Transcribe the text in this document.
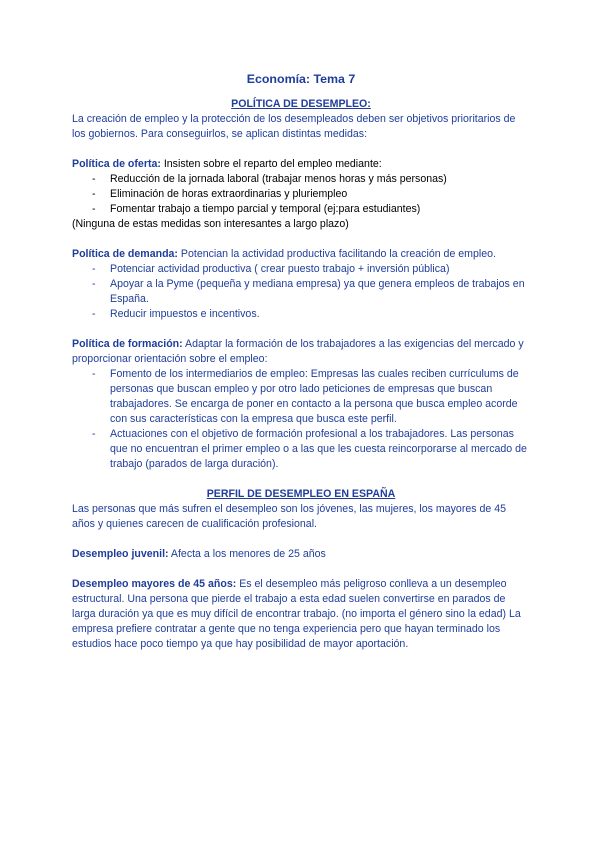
Economía: Tema 7
POLÍTICA DE DESEMPLEO:

La creación de empleo y la protección de los desempleados deben ser objetivos prioritarios de los gobiernos. Para conseguirlos, se aplican distintas medidas:

Política de oferta: Insisten sobre el reparto del empleo mediante:

- Reducción de la jornada laboral (trabajar menos horas y más personas)
- Eliminación de horas extraordinarias y pluriempleo
- Fomentar trabajo a tiempo parcial y temporal (ej:para estudiantes)

(Ninguna de estas medidas son interesantes a largo plazo)

Política de demanda: Potencian la actividad productiva facilitando la creación de empleo.

- Potenciar actividad productiva ( crear puesto trabajo + inversión pública)
- Apoyar a la Pyme (pequeña y mediana empresa) ya que genera empleos de trabajos en España.
- Reducir impuestos e incentivos.

Política de formación: Adaptar la formación de los trabajadores a las exigencias del mercado y proporcionar orientación sobre el empleo:

- Fomento de los intermediarios de empleo: Empresas las cuales reciben currículums de personas que buscan empleo y por otro lado peticiones de empresas que buscan trabajadores. Se encarga de poner en contacto a la persona que busca empleo acorde con sus características con la empresa que busca este perfil.
- Actuaciones con el objetivo de formación profesional a los trabajadores. Las personas que no encuentran el primer empleo o a las que les cuesta reincorporarse al mercado de trabajo (parados de larga duración).
PERFIL DE DESEMPLEO EN ESPAÑA

Las personas que más sufren el desempleo son los jóvenes, las mujeres, los mayores de 45 años y quienes carecen de cualificación profesional.

Desempleo juvenil: Afecta a los menores de 25 años

Desempleo mayores de 45 años: Es el desempleo más peligroso conlleva a un desempleo estructural. Una persona que pierde el trabajo a esta edad suelen convertirse en parados de larga duración ya que es muy difícil de encontrar trabajo. (no importa el género sino la edad) La empresa prefiere contratar a gente que no tenga experiencia pero que hayan terminado los estudios hace poco tiempo ya que hay posibilidad de mayor aportación.
